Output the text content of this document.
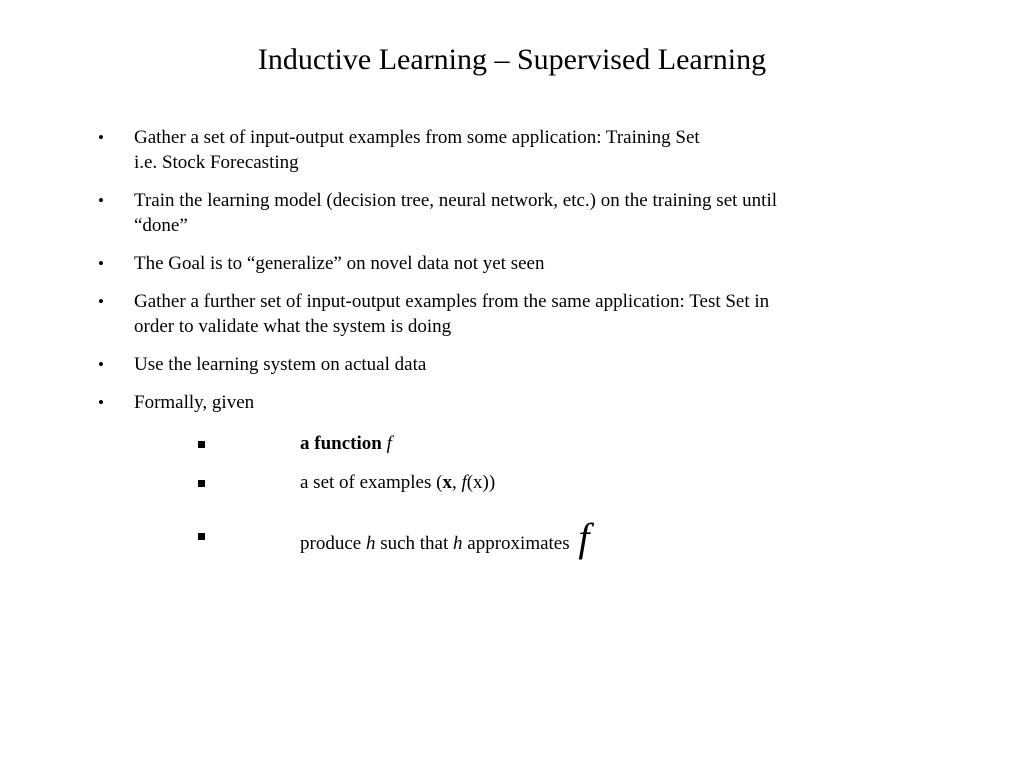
Inductive Learning – Supervised Learning
•	Gather a set of input-output examples from some application: Training Set
i.e. Stock Forecasting
•	Train the learning model (decision tree, neural network, etc.) on the training set until
“done”
•	The Goal is to “generalize” on novel data not yet seen
•	Gather a further set of input-output examples from the same application: Test Set in
order to validate what the system is doing
•	Use the learning system on actual data
•	Formally, given
a function f
a set of examples (x, f(x))
produce h such that h approximates f
